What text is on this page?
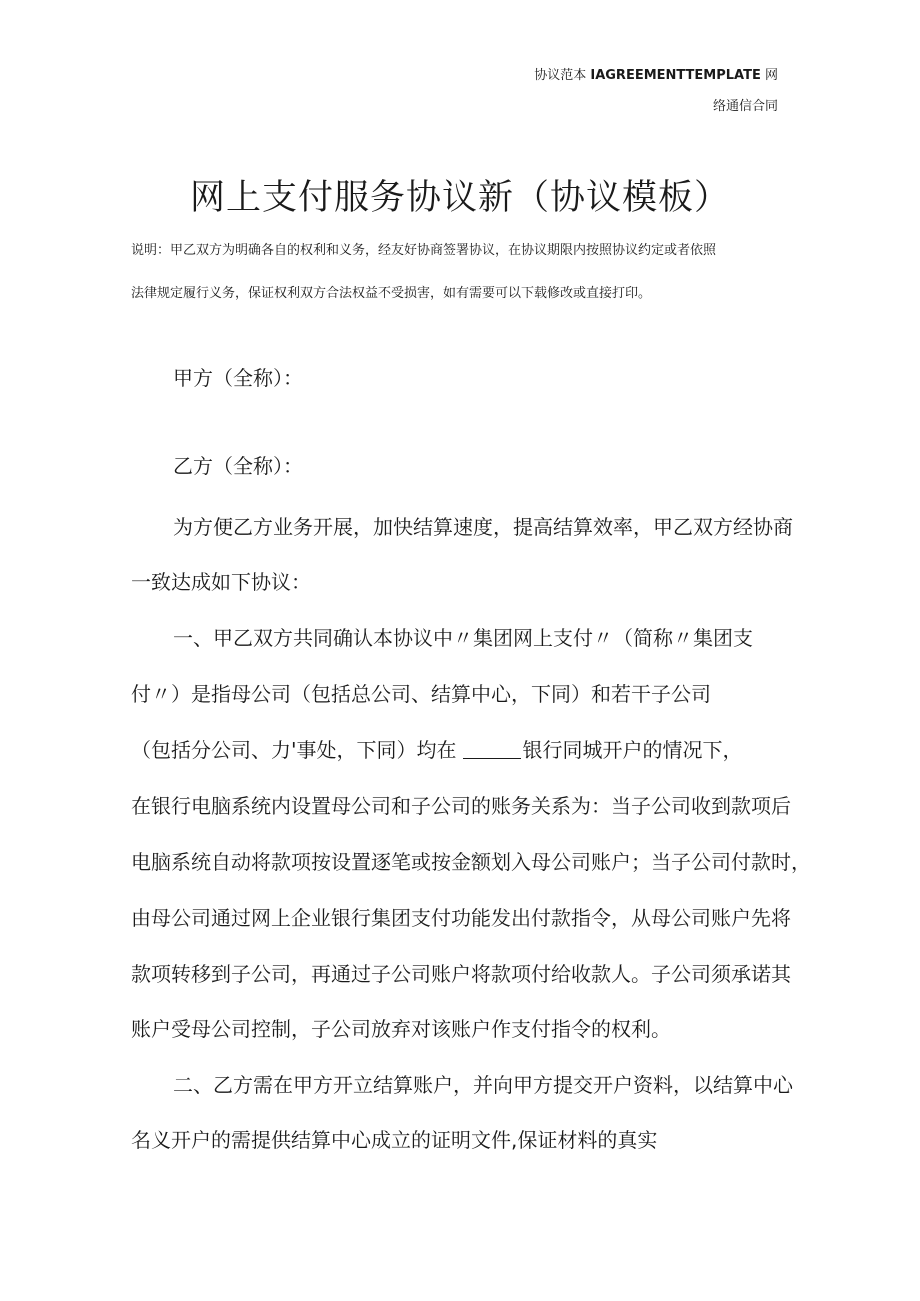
协议范本 IAGREEMENTTEMPLATE 网
络通信合同
网上支付服务协议新（协议模板）
说明：甲乙双方为明确各自的权利和义务，经友好协商签署协议，在协议期限内按照协议约定或者依照
法律规定履行义务，保证权利双方合法权益不受损害，如有需要可以下载修改或直接打印。
甲方（全称）：
乙方（全称）：
为方便乙方业务开展，加快结算速度，提高结算效率，甲乙双方经协商
一致达成如下协议：
一、甲乙双方共同确认本协议中〃集团网上支付〃（简称〃集团支
付〃）是指母公司（包括总公司、结算中心，下同）和若干子公司
（包括分公司、力'事处，下同）均在	银行同城开户的情况下，
在银行电脑系统内设置母公司和子公司的账务关系为：当子公司收到款项后
电脑系统自动将款项按设置逐笔或按金额划入母公司账户；当子公司付款时，
由母公司通过网上企业银行集团支付功能发出付款指令，从母公司账户先将
款项转移到子公司，再通过子公司账户将款项付给收款人。子公司须承诺其
账户受母公司控制，子公司放弃对该账户作支付指令的权利。
二、乙方需在甲方开立结算账户，并向甲方提交开户资料，以结算中心
名义开户的需提供结算中心成立的证明文件,保证材料的真实
